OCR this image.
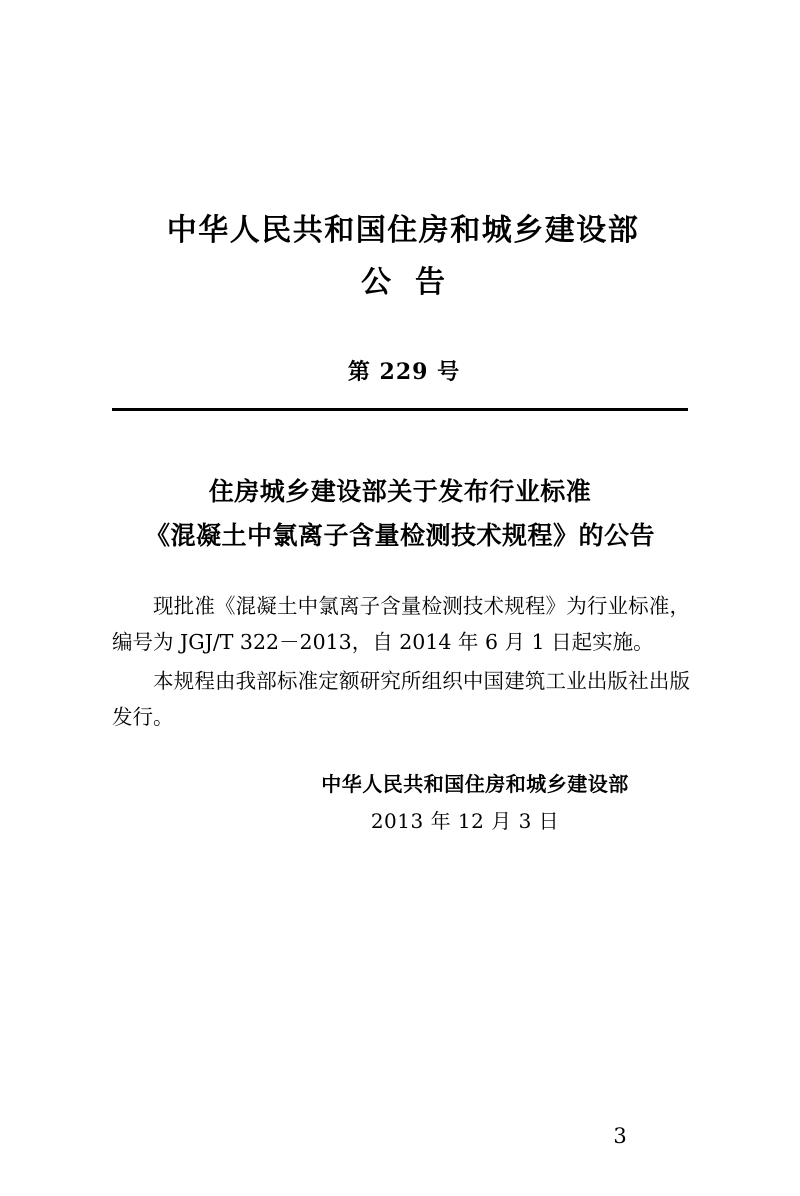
中华人民共和国住房和城乡建设部
公告
第 229 号
住房城乡建设部关于发布行业标准
《混凝土中氯离子含量检测技术规程》的公告

现批准《混凝土中氯离子含量检测技术规程》为行业标准，编号为 JGJ/T 322－2013，自 2014 年 6 月 1 日起实施。

本规程由我部标准定额研究所组织中国建筑工业出版社出版发行。

中华人民共和国住房和城乡建设部
2013 年 12 月 3 日
3
